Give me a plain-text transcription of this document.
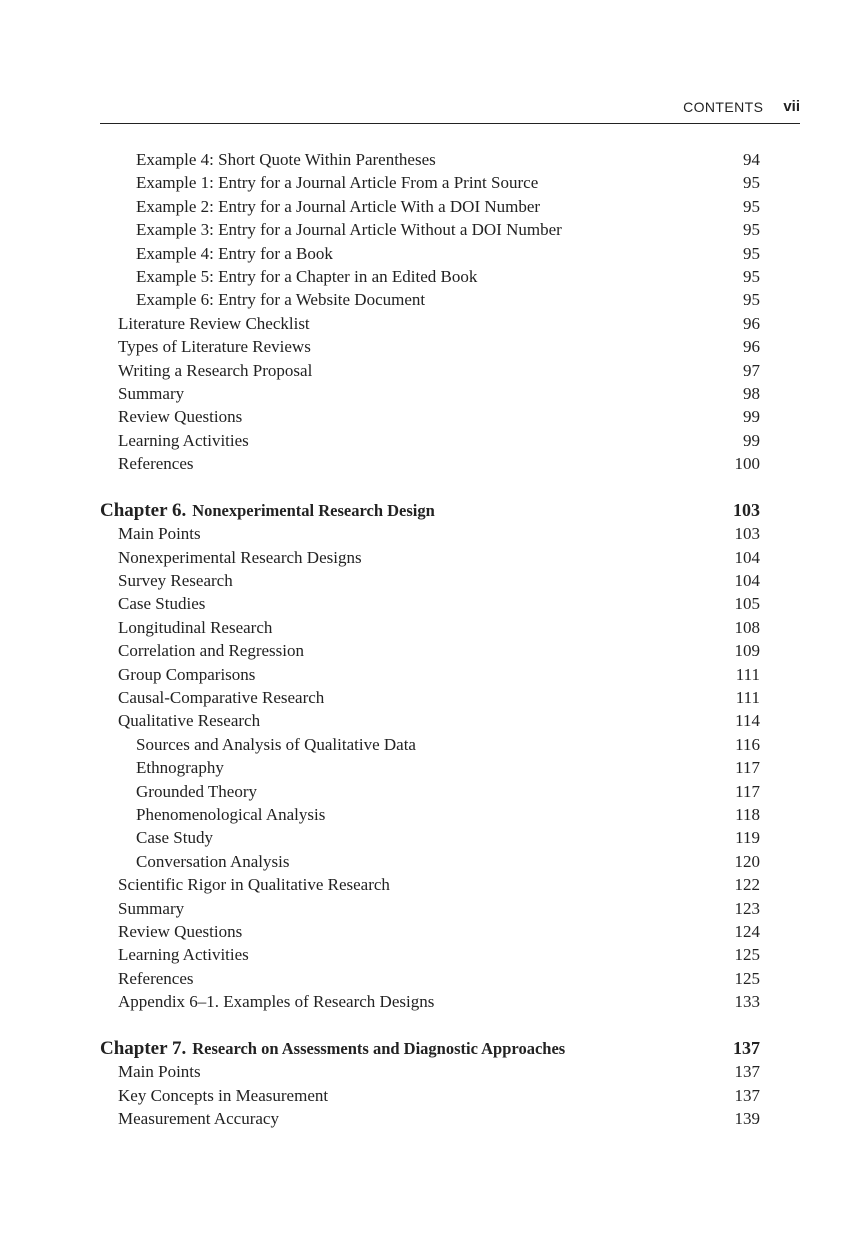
CONTENTS vii
Example 4: Short Quote Within Parentheses	94
Example 1: Entry for a Journal Article From a Print Source	95
Example 2: Entry for a Journal Article With a DOI Number	95
Example 3: Entry for a Journal Article Without a DOI Number	95
Example 4: Entry for a Book	95
Example 5: Entry for a Chapter in an Edited Book	95
Example 6: Entry for a Website Document	95
Literature Review Checklist	96
Types of Literature Reviews	96
Writing a Research Proposal	97
Summary	98
Review Questions	99
Learning Activities	99
References	100
Chapter 6. Nonexperimental Research Design	103
Main Points	103
Nonexperimental Research Designs	104
Survey Research	104
Case Studies	105
Longitudinal Research	108
Correlation and Regression	109
Group Comparisons	111
Causal-Comparative Research	111
Qualitative Research	114
Sources and Analysis of Qualitative Data	116
Ethnography	117
Grounded Theory	117
Phenomenological Analysis	118
Case Study	119
Conversation Analysis	120
Scientific Rigor in Qualitative Research	122
Summary	123
Review Questions	124
Learning Activities	125
References	125
Appendix 6–1. Examples of Research Designs	133
Chapter 7. Research on Assessments and Diagnostic Approaches	137
Main Points	137
Key Concepts in Measurement	137
Measurement Accuracy	139
